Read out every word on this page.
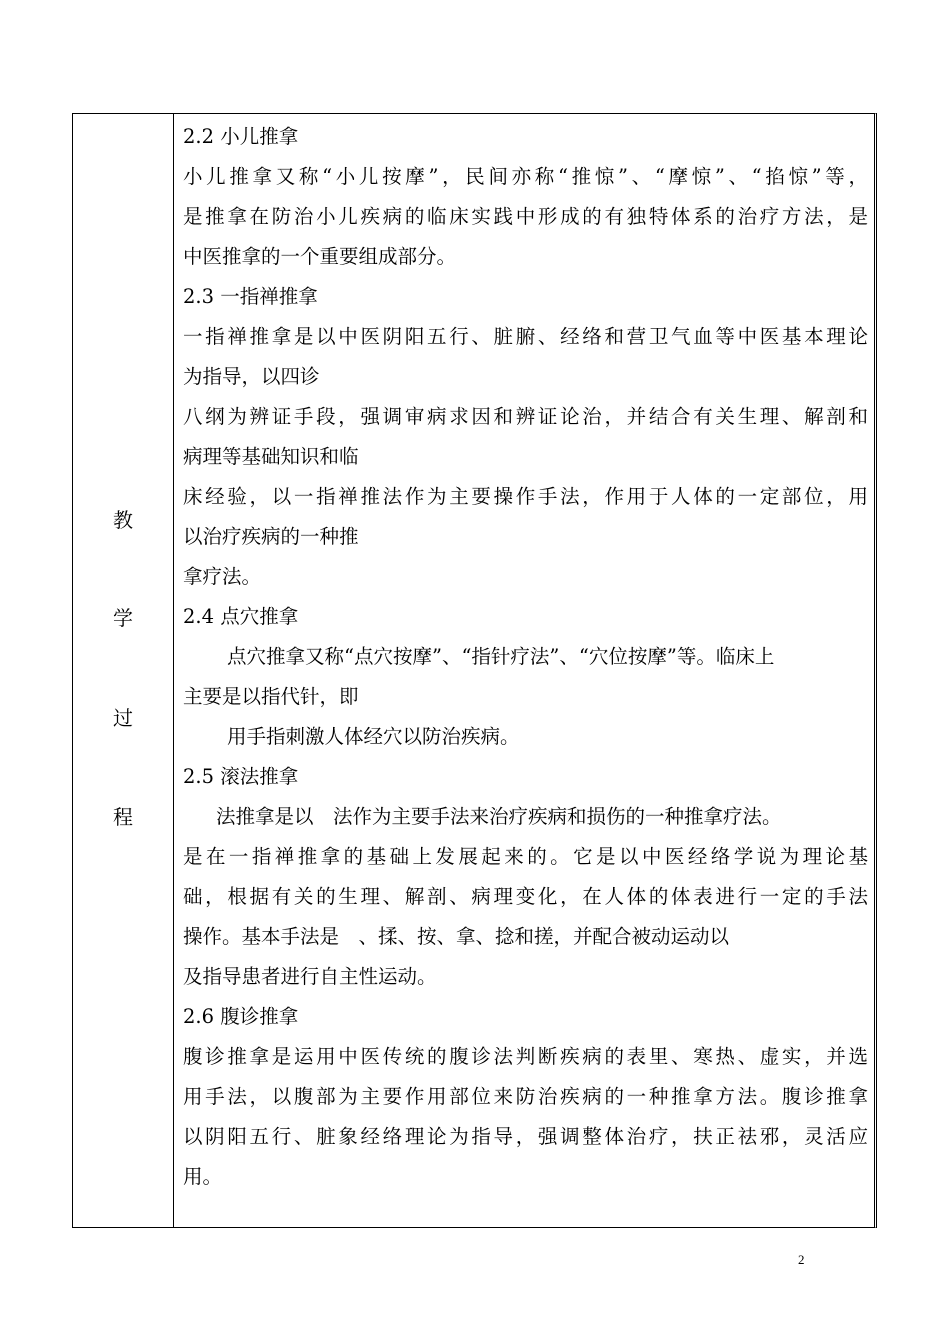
教
学
过
程
2.2 小儿推拿
小儿推拿又称“小儿按摩”，民间亦称“推惊”、“摩惊”、“掐惊”等，
是推拿在防治小儿疾病的临床实践中形成的有独特体系的治疗方法，是
中医推拿的一个重要组成部分。
2.3 一指禅推拿
一指禅推拿是以中医阴阳五行、脏腑、经络和营卫气血等中医基本理论
为指导，以四诊
八纲为辨证手段，强调审病求因和辨证论治，并结合有关生理、解剖和
病理等基础知识和临
床经验，以一指禅推法作为主要操作手法，作用于人体的一定部位，用
以治疗疾病的一种推
拿疗法。
2.4 点穴推拿
点穴推拿又称“点穴按摩”、“指针疗法”、“穴位按摩”等。临床上
主要是以指代针，即
用手指刺激人体经穴以防治疾病。
2.5 滚法推拿
法推拿是以　法作为主要手法来治疗疾病和损伤的一种推拿疗法。
是在一指禅推拿的基础上发展起来的。它是以中医经络学说为理论基
础，根据有关的生理、解剖、病理变化，在人体的体表进行一定的手法
操作。基本手法是　、揉、按、拿、捻和搓，并配合被动运动以
及指导患者进行自主性运动。
2.6 腹诊推拿
腹诊推拿是运用中医传统的腹诊法判断疾病的表里、寒热、虚实，并选
用手法，以腹部为主要作用部位来防治疾病的一种推拿方法。腹诊推拿
以阴阳五行、脏象经络理论为指导，强调整体治疗，扶正祛邪，灵活应
用。
2
